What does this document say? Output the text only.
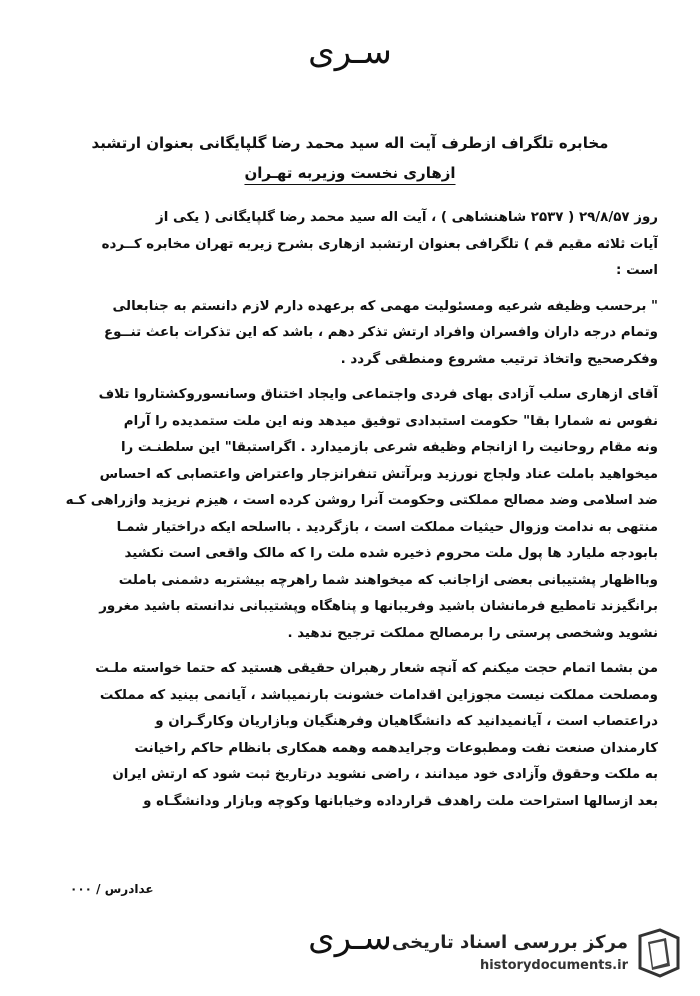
سـری
مخابره تلگراف ازطرف آیت اله سید محمد رضا گلپایگانی بعنوان ارتشبد
ازهاری نخست وزیربه تهـران
روز ۲۹/۸/۵۷ ( ۲۵۳۷ شاهنشاهی ) ، آیت اله سید محمد رضا گلپایگانی ( یکی از
آیات ثلاثه مقیم قم ) تلگرافی بعنوان ارتشبد ازهاری بشرح زیربه تهران مخابره کــرده
است :
" برحسب وظیفه شرعیه ومسئولیت مهمی که برعهده دارم لازم دانستم به جنابعالی
وتمام درجه داران وافسران وافراد ارتش تذکر دهم ، باشد که این تذکرات باعث تنــوع
وفکرصحیح واتخاذ ترتیب مشروع ومنطقی گردد .
آقای ازهاری سلب آزادی بهای فردی واجتماعی وایجاد اختناق وسانسوروکشتاروا تلاف
نفوس نه شمارا بقا" حکومت استبدادی توفیق میدهد ونه این ملت ستمدیده را آرام
ونه مقام روحانیت را ازانجام وظیفه شرعی بازمیدارد . اگراستبقا" این سلطنـت را
میخواهید باملت عناد ولجاج نورزید وبرآتش تنفرانزجار واعتراض واعتصابی که احساس
ضد اسلامی وضد مصالح مملکتی وحکومت آنرا روشن کرده است ، هیزم نریزید وازراهی کـه
منتهی به ندامت وزوال حیثیات مملکت است ، بازگردید . بااسلحه ایکه دراختیار شمـا
بابودجه ملیارد ها پول ملت محروم ذخیره شده ملت را که مالک واقعی است نکشید
وبااظهار پشتیبانی بعضی ازاجانب که میخواهند شما راهرچه بیشتربه دشمنی باملت
برانگیزند تامطیع فرمانشان باشید وفریبانها و پناهگاه وپشتیبانی ندانسته باشید مغرور
نشوید وشخصی پرستی را برمصالح مملکت ترجیح ندهید .
من بشما اتمام حجت میکنم که آنچه شعار رهبران حقیقی هستید که حتما خواسته ملـت
ومصلحت مملکت نیست مجوزاین اقدامات خشونت بارنمیباشد ، آیانمی بینید که مملکت
دراعتصاب است ، آیانمیدانید که دانشگاهیان وفرهنگیان وبازاریان وکارگـران و
کارمندان صنعت نفت ومطبوعات وجرایدهمه وهمه همکاری بانظام حاکم راخیانت
به ملکت وحقوق وآزادی خود میدانند ، راضی نشوید درتاریخ ثبت شود که ارتش ایران
بعد ازسالها استراحت ملت راهدف قرارداده وخیابانها وکوچه وبازار ودانشگـاه و
عدادرس / ۰۰۰
سـری مرکز بررسی اسناد تاریخی
historydocuments.ir
